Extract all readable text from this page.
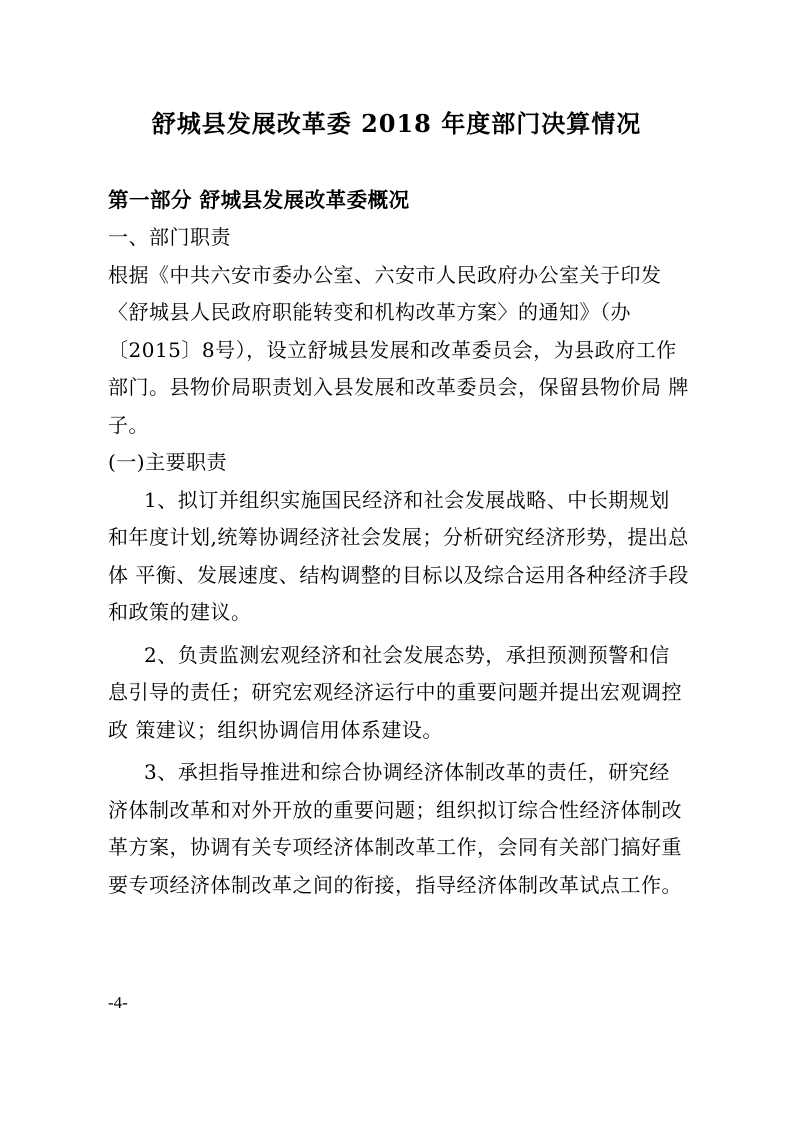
舒城县发展改革委 2018 年度部门决算情况

第一部分 舒城县发展改革委概况

一、部门职责

根据《中共六安市委办公室、六安市人民政府办公室关于印发〈舒城县人民政府职能转变和机构改革方案〉的通知》（办〔2015〕8号），设立舒城县发展和改革委员会，为县政府工作部门。县物价局职责划入县发展和改革委员会，保留县物价局 牌子。

(一)主要职责

1、拟订并组织实施国民经济和社会发展战略、中长期规划和年度计划,统筹协调经济社会发展；分析研究经济形势，提出总体 平衡、发展速度、结构调整的目标以及综合运用各种经济手段 和政策的建议。

2、负责监测宏观经济和社会发展态势，承担预测预警和信息引导的责任；研究宏观经济运行中的重要问题并提出宏观调控政 策建议；组织协调信用体系建设。

3、承担指导推进和综合协调经济体制改革的责任，研究经济体制改革和对外开放的重要问题；组织拟订综合性经济体制改革方案，协调有关专项经济体制改革工作，会同有关部门搞好重要专项经济体制改革之间的衔接，指导经济体制改革试点工作。

-4-
